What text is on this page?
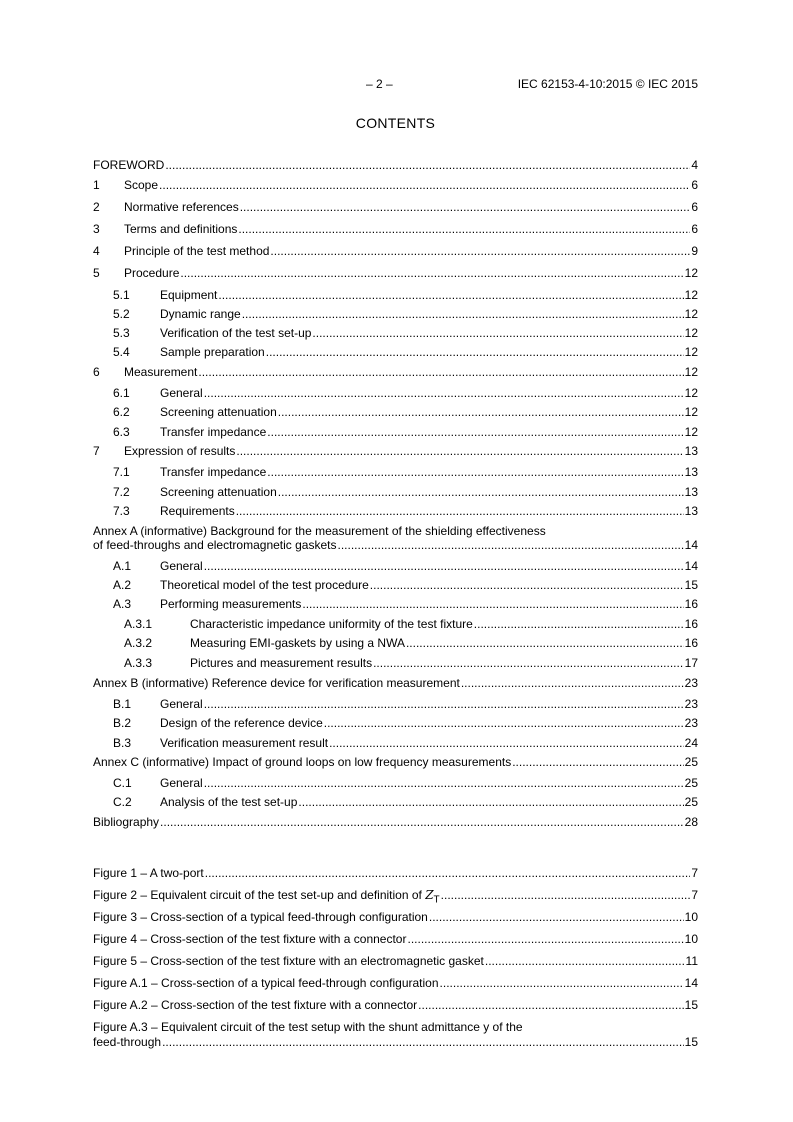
– 2 –	IEC 62153-4-10:2015 © IEC 2015
CONTENTS
FOREWORD .....	4
1	Scope .....	6
2	Normative references .....	6
3	Terms and definitions .....	6
4	Principle of the test method .....	9
5	Procedure .....	12
5.1	Equipment .....	12
5.2	Dynamic range .....	12
5.3	Verification of the test set-up .....	12
5.4	Sample preparation .....	12
6	Measurement .....	12
6.1	General .....	12
6.2	Screening attenuation .....	12
6.3	Transfer impedance .....	12
7	Expression of results .....	13
7.1	Transfer impedance .....	13
7.2	Screening attenuation .....	13
7.3	Requirements .....	13
Annex A (informative) Background for the measurement of the shielding effectiveness
of feed-throughs and electromagnetic gaskets .....	14
A.1	General .....	14
A.2	Theoretical model of the test procedure .....	15
A.3	Performing measurements .....	16
A.3.1	Characteristic impedance uniformity of the test fixture .....	16
A.3.2	Measuring EMI-gaskets by using a NWA .....	16
A.3.3	Pictures and measurement results .....	17
Annex B (informative) Reference device for verification measurement .....	23
B.1	General .....	23
B.2	Design of the reference device .....	23
B.3	Verification measurement result .....	24
Annex C (informative) Impact of ground loops on low frequency measurements .....	25
C.1	General .....	25
C.2	Analysis of the test set-up .....	25
Bibliography .....	28
Figure 1 – A two-port .....	7
Figure 2 – Equivalent circuit of the test set-up and definition of
Z $_T$ .....	7
Figure 3 – Cross-section of a typical feed-through configuration .....	10
Figure 4 – Cross-section of the test fixture with a connector .....	10
Figure 5 – Cross-section of the test fixture with an electromagnetic gasket .....	11
Figure A.1 – Cross-section of a typical feed-through configuration .....	14
Figure A.2 – Cross-section of the test fixture with a connector .....	15
Figure A.3 – Equivalent circuit of the test setup with the shunt admittance y of the
feed-through .....	15
